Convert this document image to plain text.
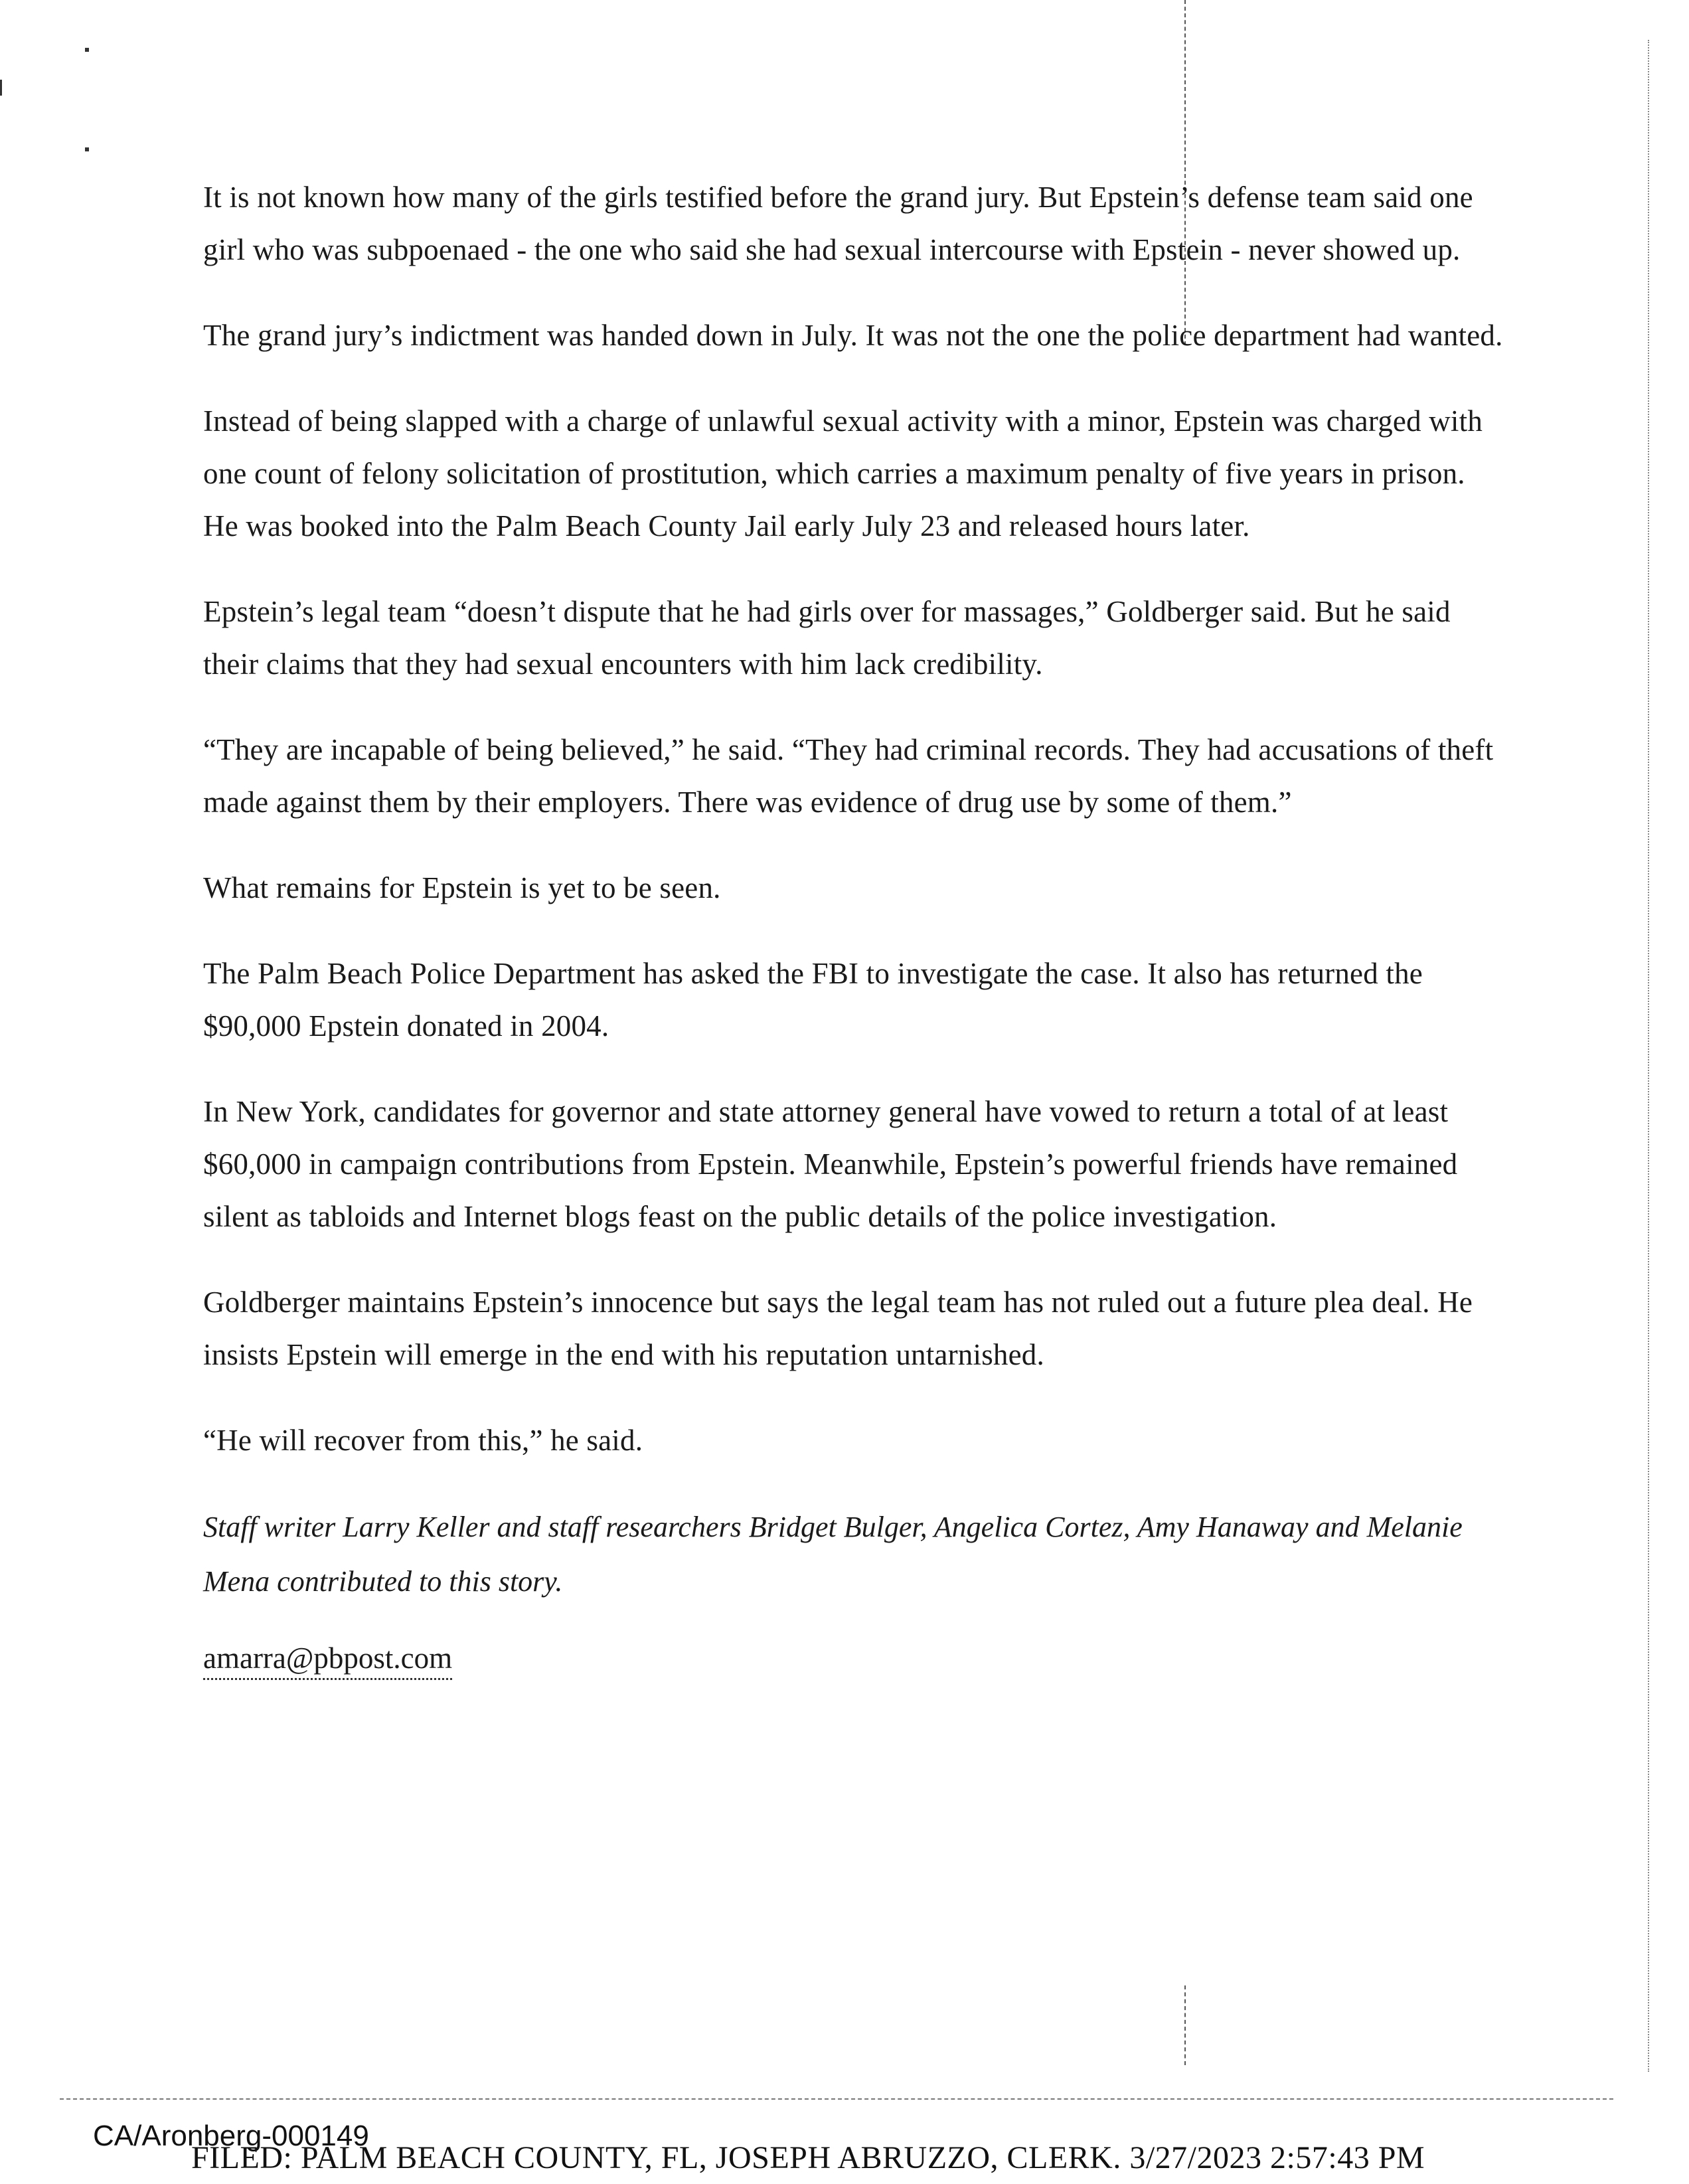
It is not known how many of the girls testified before the grand jury. But Epstein’s defense team said one girl who was subpoenaed - the one who said she had sexual intercourse with Epstein - never showed up.

The grand jury’s indictment was handed down in July. It was not the one the police department had wanted.

Instead of being slapped with a charge of unlawful sexual activity with a minor, Epstein was charged with one count of felony solicitation of prostitution, which carries a maximum penalty of five years in prison. He was booked into the Palm Beach County Jail early July 23 and released hours later.

Epstein’s legal team “doesn’t dispute that he had girls over for massages,” Goldberger said. But he said their claims that they had sexual encounters with him lack credibility.

“They are incapable of being believed,” he said. “They had criminal records. They had accusations of theft made against them by their employers. There was evidence of drug use by some of them.”

What remains for Epstein is yet to be seen.

The Palm Beach Police Department has asked the FBI to investigate the case. It also has returned the $90,000 Epstein donated in 2004.

In New York, candidates for governor and state attorney general have vowed to return a total of at least $60,000 in campaign contributions from Epstein. Meanwhile, Epstein’s powerful friends have remained silent as tabloids and Internet blogs feast on the public details of the police investigation.

Goldberger maintains Epstein’s innocence but says the legal team has not ruled out a future plea deal. He insists Epstein will emerge in the end with his reputation untarnished.

“He will recover from this,” he said.

Staff writer Larry Keller and staff researchers Bridget Bulger, Angelica Cortez, Amy Hanaway and Melanie Mena contributed to this story.

amarra@pbpost.com
CA/Aronberg-000149
FILED: PALM BEACH COUNTY, FL, JOSEPH ABRUZZO, CLERK. 3/27/2023 2:57:43 PM
